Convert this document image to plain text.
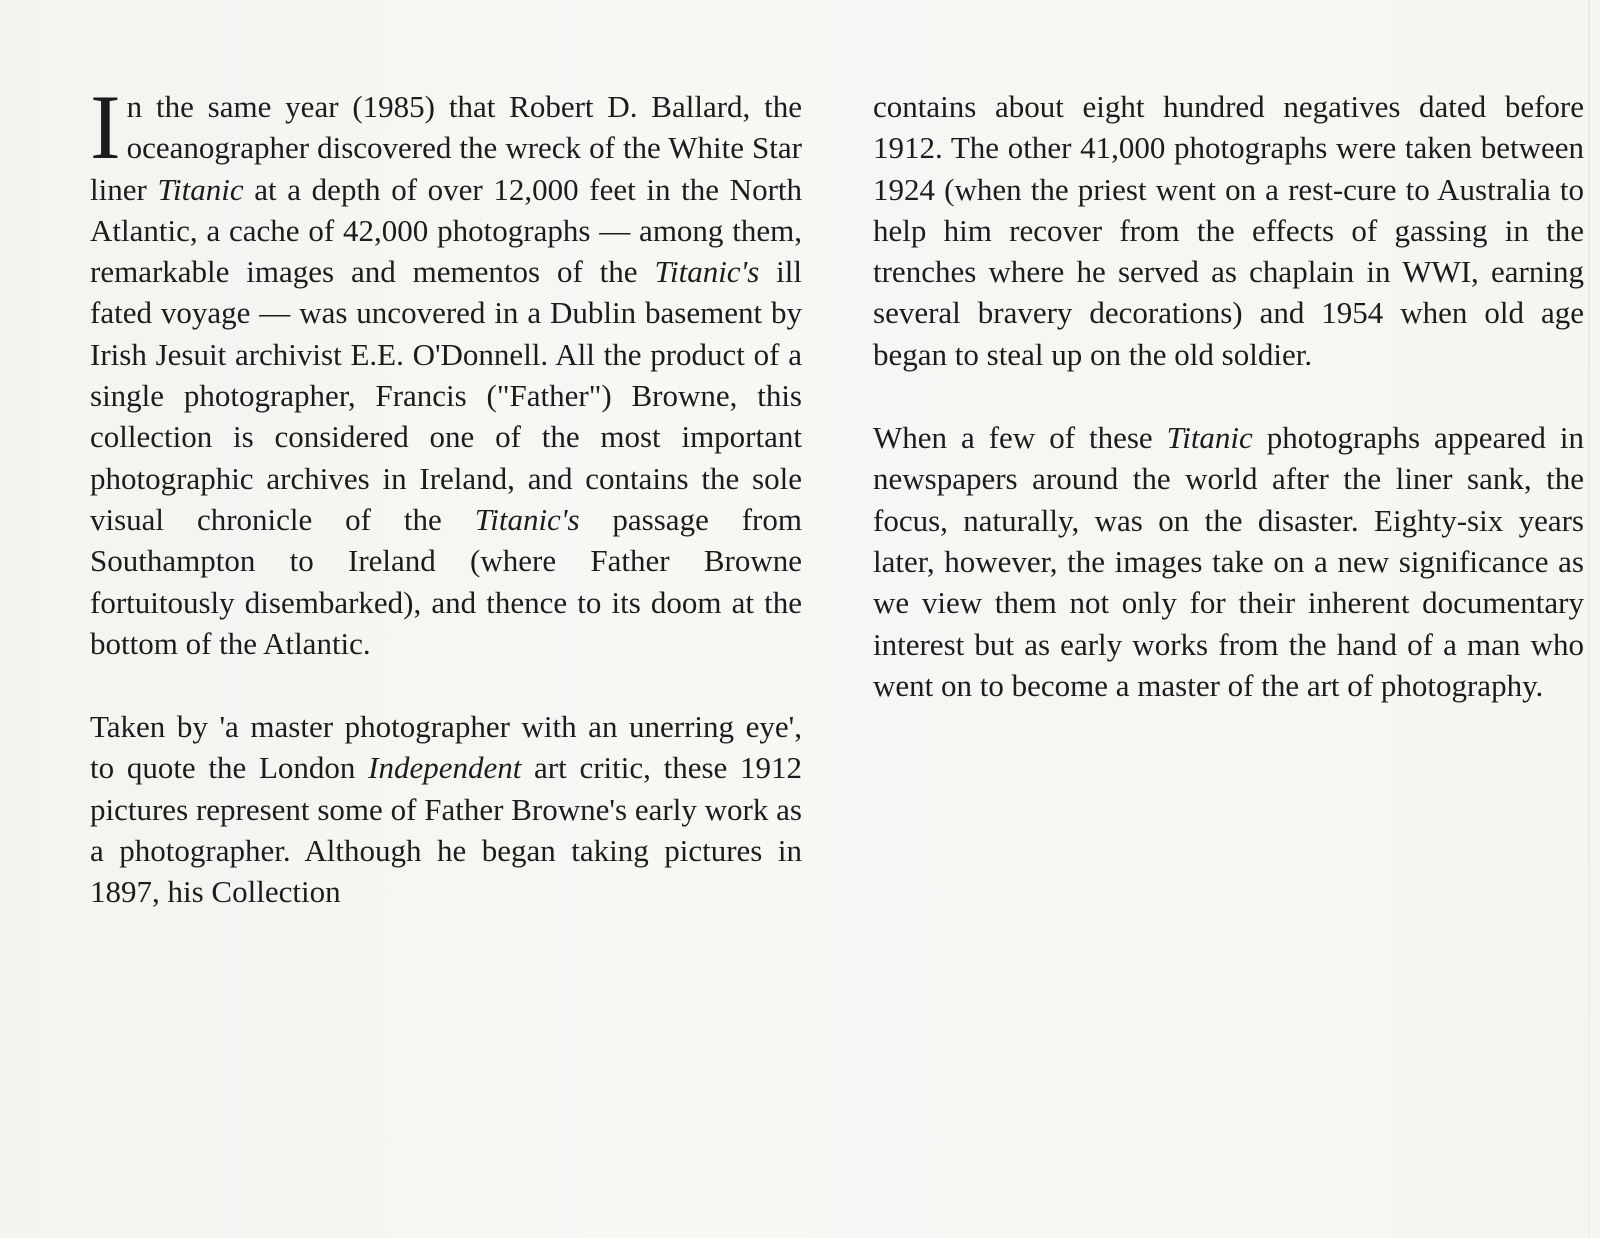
In the same year (1985) that Robert D. Ballard, the oceanographer discovered the wreck of the White Star liner Titanic at a depth of over 12,000 feet in the North Atlantic, a cache of 42,000 photographs — among them, remarkable images and mementos of the Titanic's ill fated voyage — was uncovered in a Dublin basement by Irish Jesuit archivist E.E. O'Donnell. All the product of a single photographer, Francis ("Father") Browne, this collection is considered one of the most important photographic archives in Ireland, and contains the sole visual chronicle of the Titanic's passage from Southampton to Ireland (where Father Browne fortuitously disembarked), and thence to its doom at the bottom of the Atlantic.

Taken by 'a master photographer with an unerring eye', to quote the London Independent art critic, these 1912 pictures represent some of Father Browne's early work as a photographer. Although he began taking pictures in 1897, his Collection

contains about eight hundred negatives dated before 1912. The other 41,000 photographs were taken between 1924 (when the priest went on a rest-cure to Australia to help him recover from the effects of gassing in the trenches where he served as chaplain in WWI, earning several bravery decorations) and 1954 when old age began to steal up on the old soldier.

When a few of these Titanic photographs appeared in newspapers around the world after the liner sank, the focus, naturally, was on the disaster. Eighty-six years later, however, the images take on a new significance as we view them not only for their inherent documentary interest but as early works from the hand of a man who went on to become a master of the art of photography.
